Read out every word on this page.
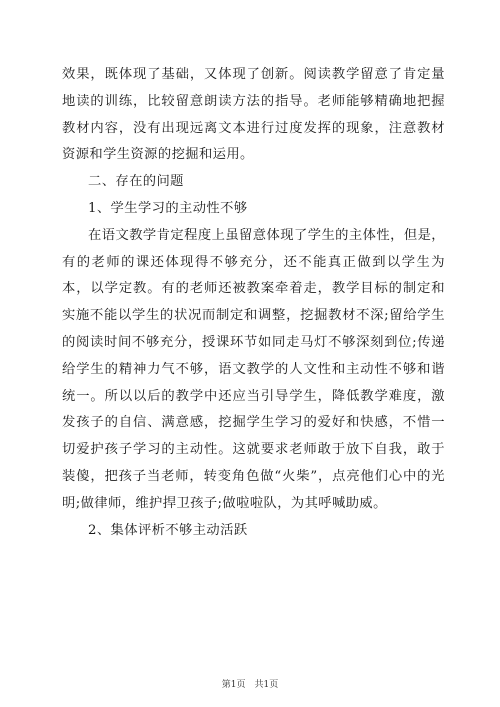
效果，既体现了基础，又体现了创新。阅读教学留意了肯定量地读的训练，比较留意朗读方法的指导。老师能够精确地把握教材内容，没有出现远离文本进行过度发挥的现象，注意教材资源和学生资源的挖掘和运用。

二、存在的问题

1、学生学习的主动性不够

在语文教学肯定程度上虽留意体现了学生的主体性，但是，有的老师的课还体现得不够充分，还不能真正做到以学生为本，以学定教。有的老师还被教案牵着走，教学目标的制定和实施不能以学生的状况而制定和调整，挖掘教材不深;留给学生的阅读时间不够充分，授课环节如同走马灯不够深刻到位;传递给学生的精神力气不够，语文教学的人文性和主动性不够和谐统一。所以以后的教学中还应当引导学生，降低教学难度，激发孩子的自信、满意感，挖掘学生学习的爱好和快感，不惜一切爱护孩子学习的主动性。这就要求老师敢于放下自我，敢于装傻，把孩子当老师，转变角色做“火柴”，点亮他们心中的光明;做律师，维护捍卫孩子;做啦啦队，为其呼喊助威。

2、集体评析不够主动活跃

第1页　共1页
